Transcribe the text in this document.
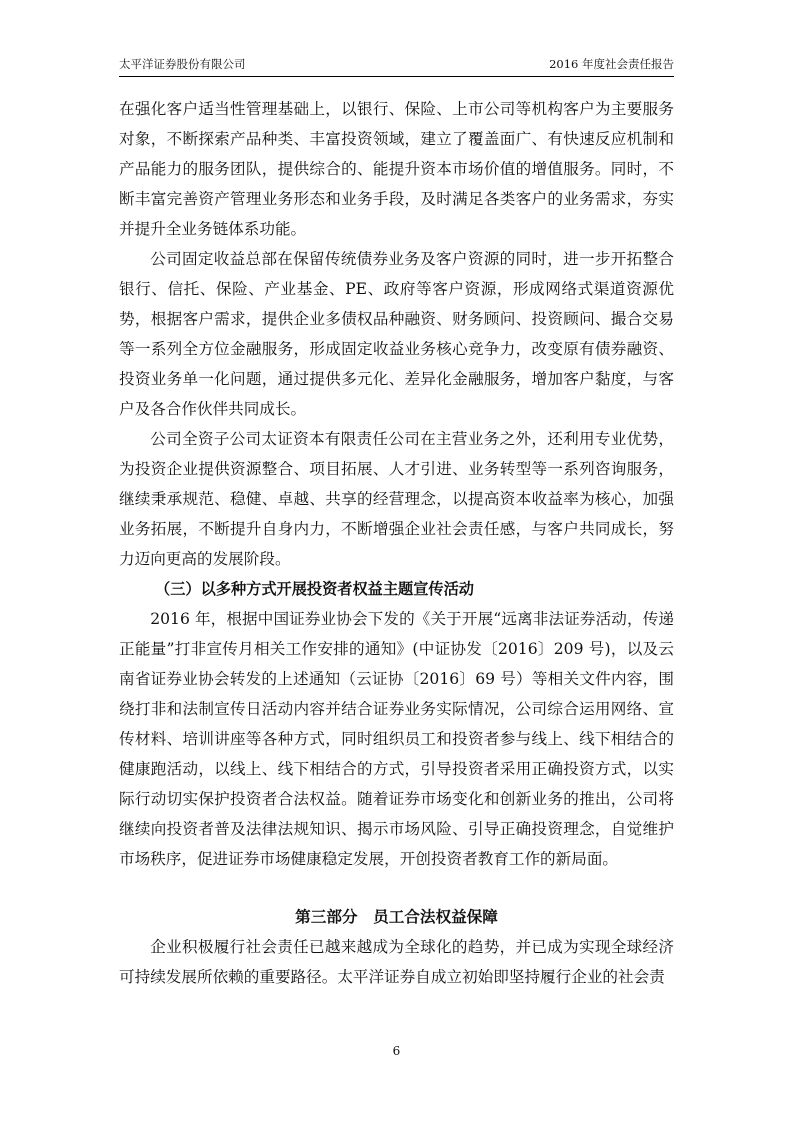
太平洋证券股份有限公司	2016 年度社会责任报告

在强化客户适当性管理基础上，以银行、保险、上市公司等机构客户为主要服务对象，不断探索产品种类、丰富投资领域，建立了覆盖面广、有快速反应机制和产品能力的服务团队，提供综合的、能提升资本市场价值的增值服务。同时，不断丰富完善资产管理业务形态和业务手段，及时满足各类客户的业务需求，夯实并提升全业务链体系功能。

公司固定收益总部在保留传统债券业务及客户资源的同时，进一步开拓整合银行、信托、保险、产业基金、PE、政府等客户资源，形成网络式渠道资源优势，根据客户需求，提供企业多债权品种融资、财务顾问、投资顾问、撮合交易等一系列全方位金融服务，形成固定收益业务核心竞争力，改变原有债券融资、投资业务单一化问题，通过提供多元化、差异化金融服务，增加客户黏度，与客户及各合作伙伴共同成长。

公司全资子公司太证资本有限责任公司在主营业务之外，还利用专业优势，为投资企业提供资源整合、项目拓展、人才引进、业务转型等一系列咨询服务，继续秉承规范、稳健、卓越、共享的经营理念，以提高资本收益率为核心，加强业务拓展，不断提升自身内力，不断增强企业社会责任感，与客户共同成长，努力迈向更高的发展阶段。

（三）以多种方式开展投资者权益主题宣传活动

2016 年，根据中国证券业协会下发的《关于开展“远离非法证券活动，传递正能量”打非宣传月相关工作安排的通知》(中证协发〔2016〕209 号)，以及云南省证券业协会转发的上述通知（云证协〔2016〕69 号）等相关文件内容，围绕打非和法制宣传日活动内容并结合证券业务实际情况，公司综合运用网络、宣传材料、培训讲座等各种方式，同时组织员工和投资者参与线上、线下相结合的健康跑活动，以线上、线下相结合的方式，引导投资者采用正确投资方式，以实际行动切实保护投资者合法权益。随着证券市场变化和创新业务的推出，公司将继续向投资者普及法律法规知识、揭示市场风险、引导正确投资理念，自觉维护市场秩序，促进证券市场健康稳定发展，开创投资者教育工作的新局面。

第三部分　员工合法权益保障

企业积极履行社会责任已越来越成为全球化的趋势，并已成为实现全球经济可持续发展所依赖的重要路径。太平洋证券自成立初始即坚持履行企业的社会责

6
